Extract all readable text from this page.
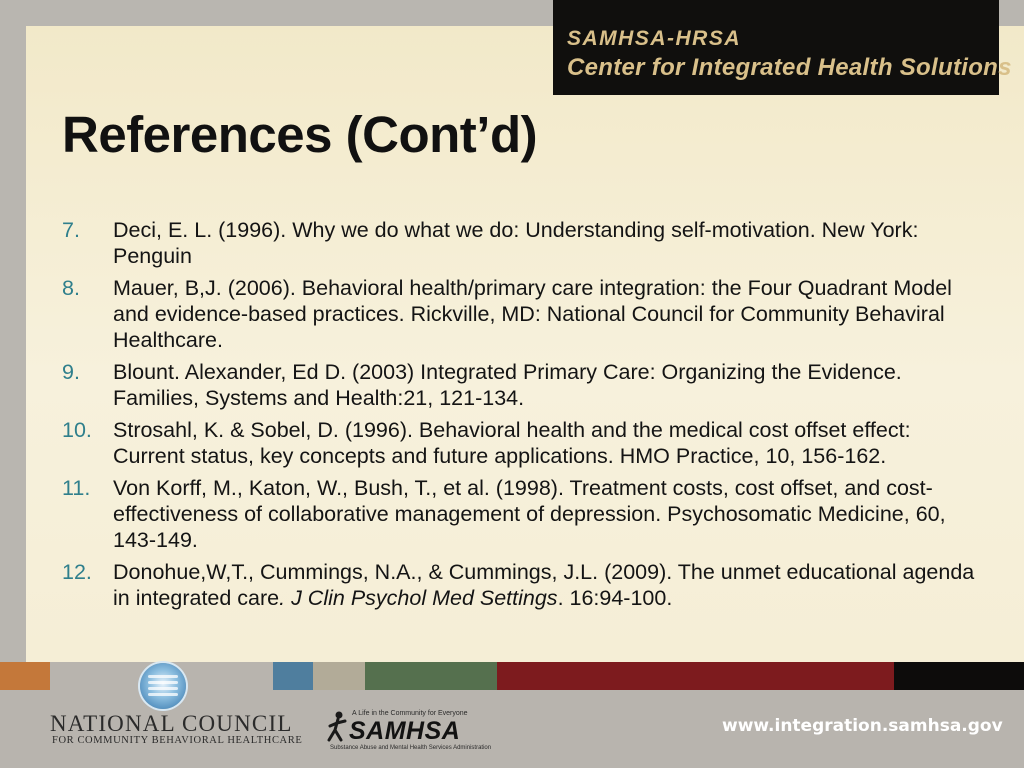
SAMHSA-HRSA
Center for Integrated Health Solutions
References (Cont’d)
7. Deci, E. L. (1996). Why we do what we do: Understanding self-motivation. New York: Penguin
8. Mauer, B,J. (2006). Behavioral health/primary care integration: the Four Quadrant Model and evidence-based practices. Rickville, MD: National Council for Community Behaviral Healthcare.
9. Blount. Alexander, Ed D. (2003) Integrated Primary Care: Organizing the Evidence. Families, Systems and Health:21, 121-134.
10. Strosahl, K. & Sobel, D. (1996). Behavioral health and the medical cost offset effect: Current status, key concepts and future applications. HMO Practice, 10, 156-162.
11. Von Korff, M., Katon, W., Bush, T., et al. (1998). Treatment costs, cost offset, and cost-effectiveness of collaborative management of depression. Psychosomatic Medicine, 60, 143-149.
12. Donohue,W,T., Cummings, N.A., & Cummings, J.L. (2009). The unmet educational agenda in integrated care. J Clin Psychol Med Settings. 16:94-100.
NATIONAL COUNCIL
FOR COMMUNITY BEHAVIORAL HEALTHCARE
A Life in the Community for Everyone
SAMHSA
Substance Abuse and Mental Health Services Administration
www.integration.samhsa.gov
